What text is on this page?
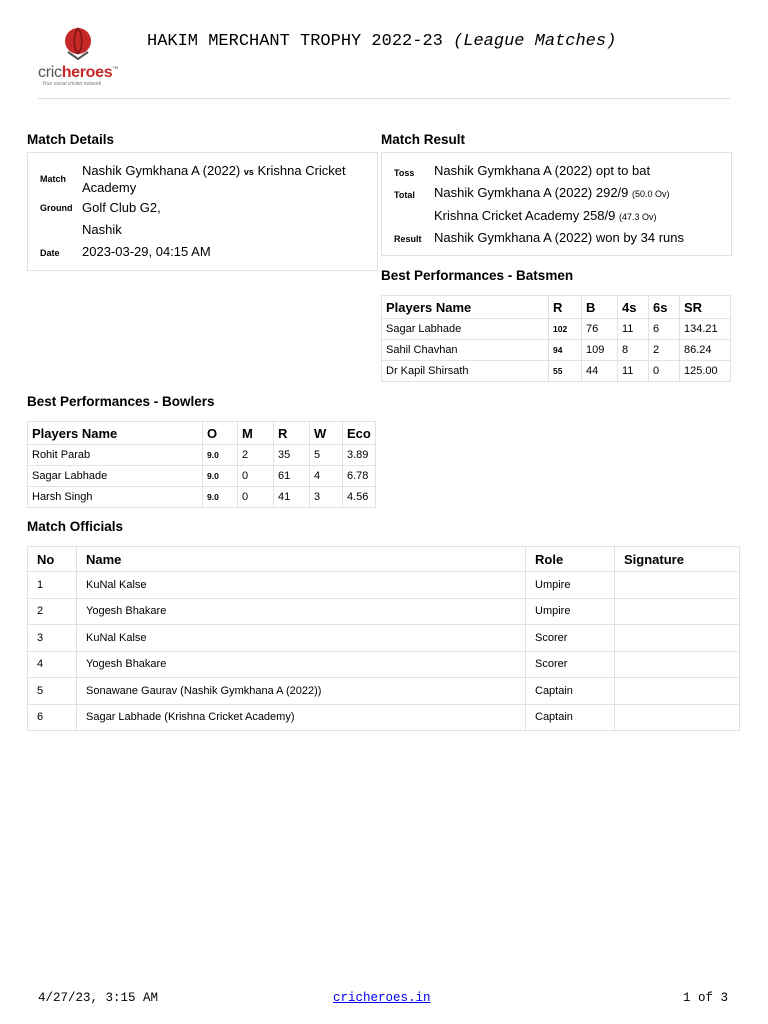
cricheroes™
Your social cricket network
HAKIM MERCHANT TROPHY 2022-23 (League Matches)
Match Details
Match
Nashik Gymkhana A (2022) vs Krishna Cricket Academy
Ground Golf Club G2,
Nashik
Date 2023-03-29, 04:15 AM
Match Result
Toss Nashik Gymkhana A (2022) opt to bat
Total Nashik Gymkhana A (2022) 292/9 (50.0 Ov)
Krishna Cricket Academy 258/9 (47.3 Ov)
Result Nashik Gymkhana A (2022) won by 34 runs
Best Performances - Batsmen
Players Name	R	B	4s	6s	SR
Sagar Labhade	102	76	11	6	134.21
Sahil Chavhan	94	109	8	2	86.24
Dr Kapil Shirsath	55	44	11	0	125.00
Best Performances - Bowlers
Players Name	O	M	R	W	Eco
Rohit Parab	9.0	2	35	5	3.89
Sagar Labhade	9.0	0	61	4	6.78
Harsh Singh	9.0	0	41	3	4.56
Match Officials
No	Name	Role	Signature
1	KuNal Kalse	Umpire	
2	Yogesh Bhakare	Umpire	
3	KuNal Kalse	Scorer	
4	Yogesh Bhakare	Scorer	
5	Sonawane Gaurav (Nashik Gymkhana A (2022))	Captain	
6	Sagar Labhade (Krishna Cricket Academy)	Captain	
4/27/23, 3:15 AM	cricheroes.in	1 of 3
